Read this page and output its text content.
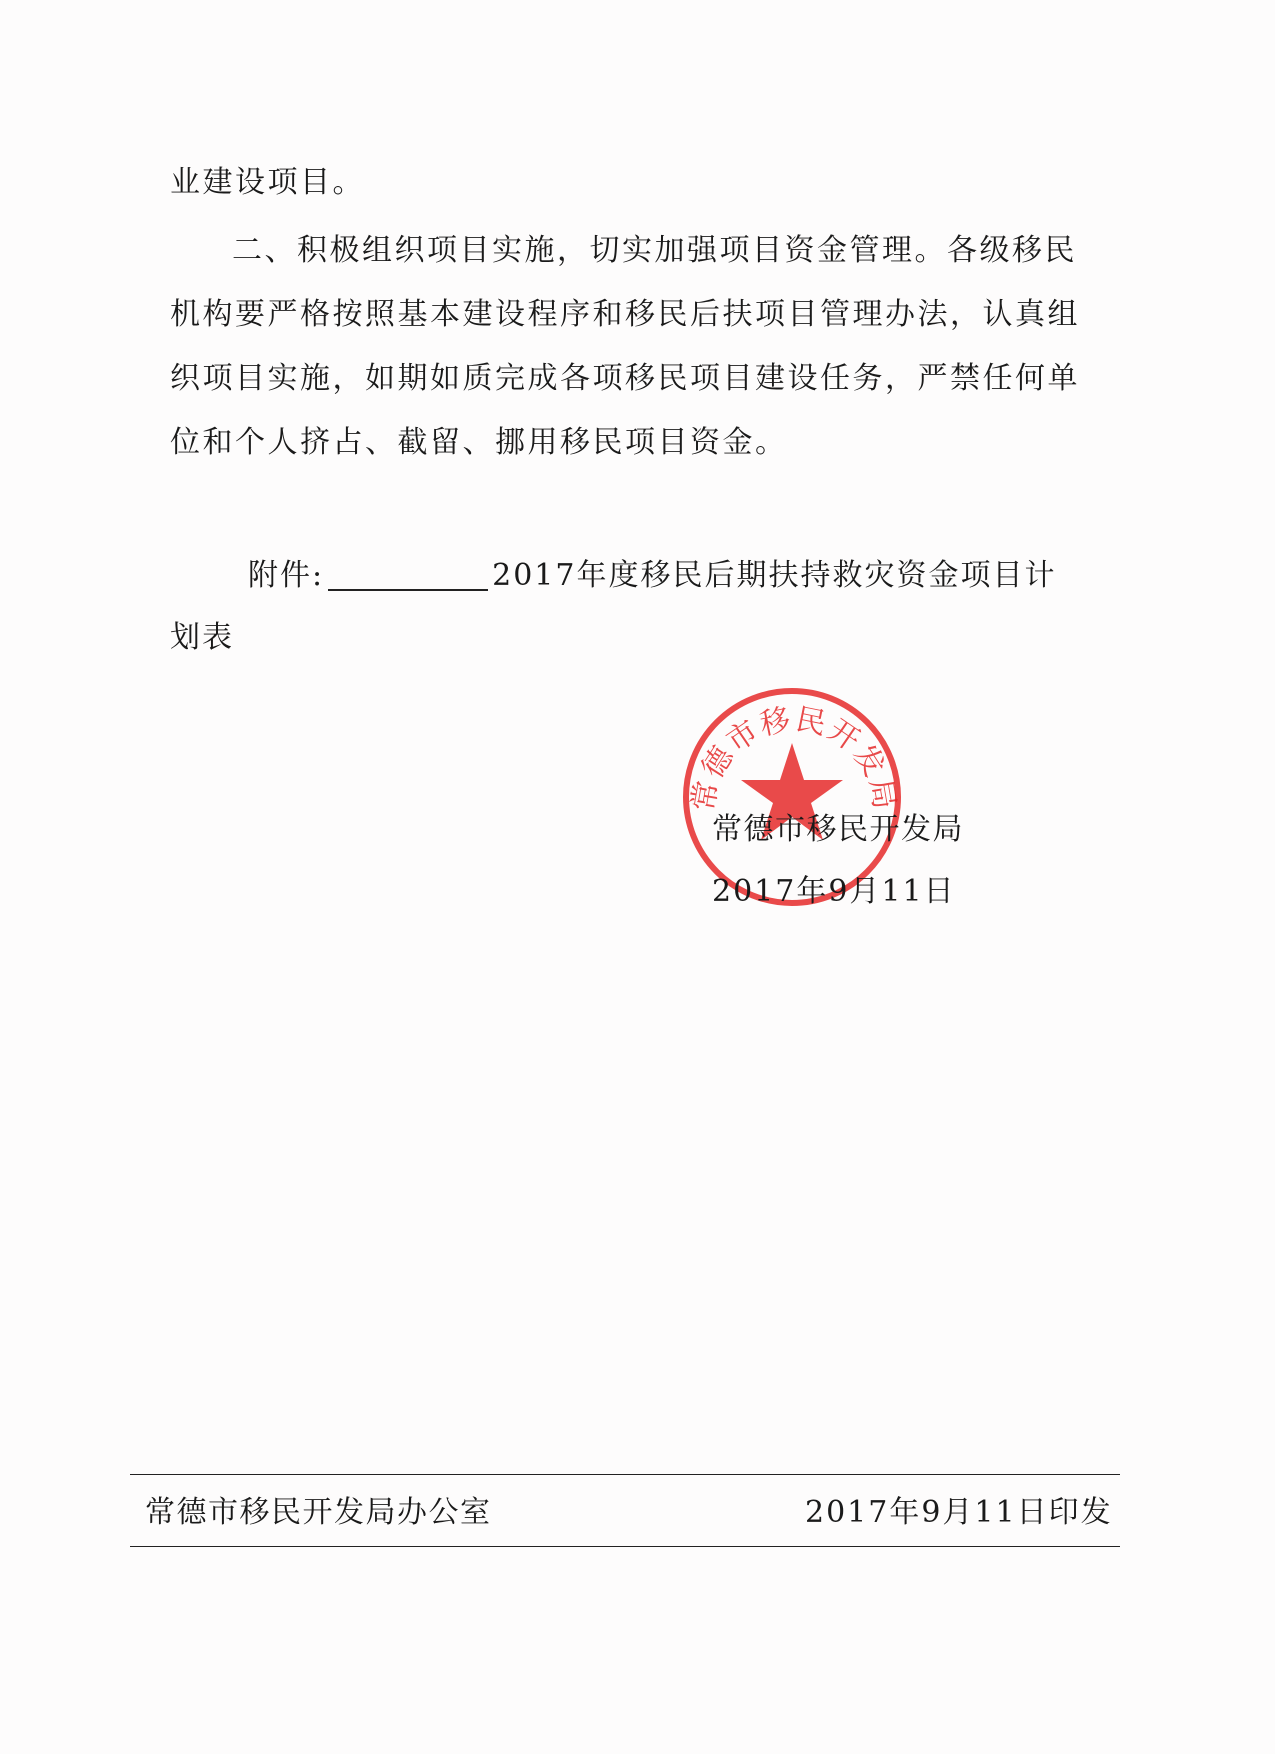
业建设项目。
二、积极组织项目实施，切实加强项目资金管理。各级移民
机构要严格按照基本建设程序和移民后扶项目管理办法，认真组
织项目实施，如期如质完成各项移民项目建设任务，严禁任何单
位和个人挤占、截留、挪用移民项目资金。
附件:	2017年度移民后期扶持救灾资金项目计
划表
常德市移民开发局
常德市移民开发局
2017年9月11日
常德市移民开发局办公室	2017年9月11日印发
